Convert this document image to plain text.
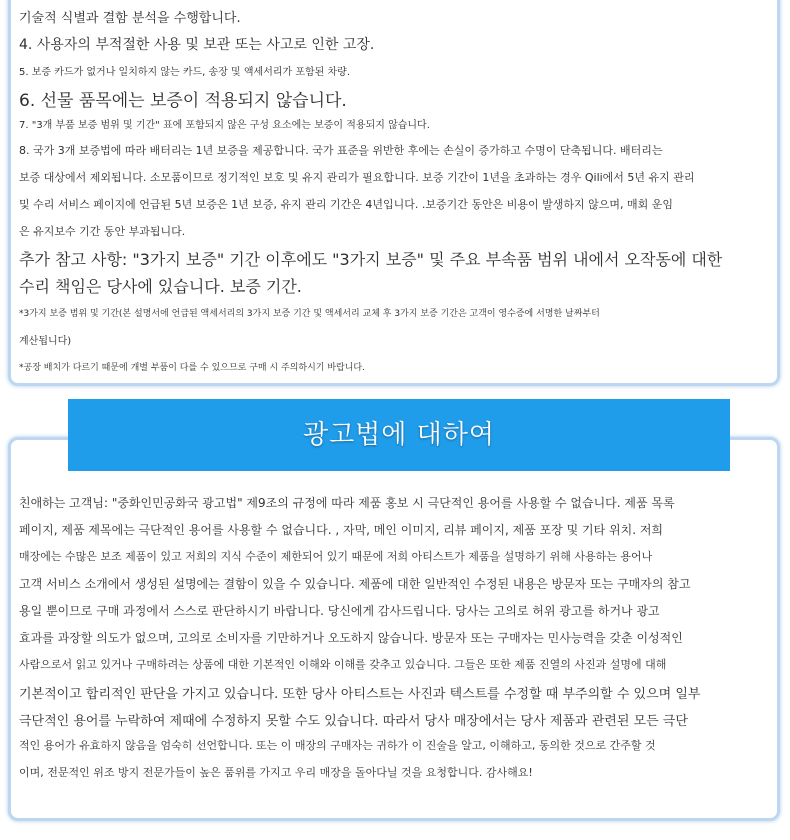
기술적 식별과 결함 분석을 수행합니다.
4. 사용자의 부적절한 사용 및 보관 또는 사고로 인한 고장.
5. 보증 카드가 없거나 일치하지 않는 카드, 송장 및 액세서리가 포함된 차량.
6. 선물 품목에는 보증이 적용되지 않습니다.
7. "3개 부품 보증 범위 및 기간" 표에 포함되지 않은 구성 요소에는 보증이 적용되지 않습니다.
8. 국가 3개 보증법에 따라 배터리는 1년 보증을 제공합니다. 국가 표준을 위반한 후에는 손실이 증가하고 수명이 단축됩니다. 배터리는
보증 대상에서 제외됩니다. 소모품이므로 정기적인 보호 및 유지 관리가 필요합니다. 보증 기간이 1년을 초과하는 경우 Qili에서 5년 유지 관리
및 수리 서비스 페이지에 언급된 5년 보증은 1년 보증, 유지 관리 기간은 4년입니다. .보증기간 동안은 비용이 발생하지 않으며, 매회 운임
은 유지보수 기간 동안 부과됩니다.
추가 참고 사항: "3가지 보증" 기간 이후에도 "3가지 보증" 및 주요 부속품 범위 내에서 오작동에 대한
수리 책임은 당사에 있습니다. 보증 기간.
*3가지 보증 범위 및 기간(본 설명서에 언급된 액세서리의 3가지 보증 기간 및 액세서리 교체 후 3가지 보증 기간은 고객이 영수증에 서명한 날짜부터
계산됩니다)
*공장 배치가 다르기 때문에 개별 부품이 다를 수 있으므로 구매 시 주의하시기 바랍니다.
광고법에 대하여
친애하는 고객님: "중화인민공화국 광고법" 제9조의 규정에 따라 제품 홍보 시 극단적인 용어를 사용할 수 없습니다. 제품 목록
페이지, 제품 제목에는 극단적인 용어를 사용할 수 없습니다. , 자막, 메인 이미지, 리뷰 페이지, 제품 포장 및 기타 위치. 저희
매장에는 수많은 보조 제품이 있고 저희의 지식 수준이 제한되어 있기 때문에 저희 아티스트가 제품을 설명하기 위해 사용하는 용어나
고객 서비스 소개에서 생성된 설명에는 결함이 있을 수 있습니다. 제품에 대한 일반적인 수정된 내용은 방문자 또는 구매자의 참고
용일 뿐이므로 구매 과정에서 스스로 판단하시기 바랍니다. 당신에게 감사드립니다. 당사는 고의로 허위 광고를 하거나 광고
효과를 과장할 의도가 없으며, 고의로 소비자를 기만하거나 오도하지 않습니다. 방문자 또는 구매자는 민사능력을 갖춘 이성적인
사람으로서 읽고 있거나 구매하려는 상품에 대한 기본적인 이해와 이해를 갖추고 있습니다. 그들은 또한 제품 진열의 사진과 설명에 대해
기본적이고 합리적인 판단을 가지고 있습니다. 또한 당사 아티스트는 사진과 텍스트를 수정할 때 부주의할 수 있으며 일부
극단적인 용어를 누락하여 제때에 수정하지 못할 수도 있습니다. 따라서 당사 매장에서는 당사 제품과 관련된 모든 극단
적인 용어가 유효하지 않음을 엄숙히 선언합니다. 또는 이 매장의 구매자는 귀하가 이 진술을 알고, 이해하고, 동의한 것으로 간주할 것
이며, 전문적인 위조 방지 전문가들이 높은 품위를 가지고 우리 매장을 돌아다닐 것을 요청합니다. 감사해요!
